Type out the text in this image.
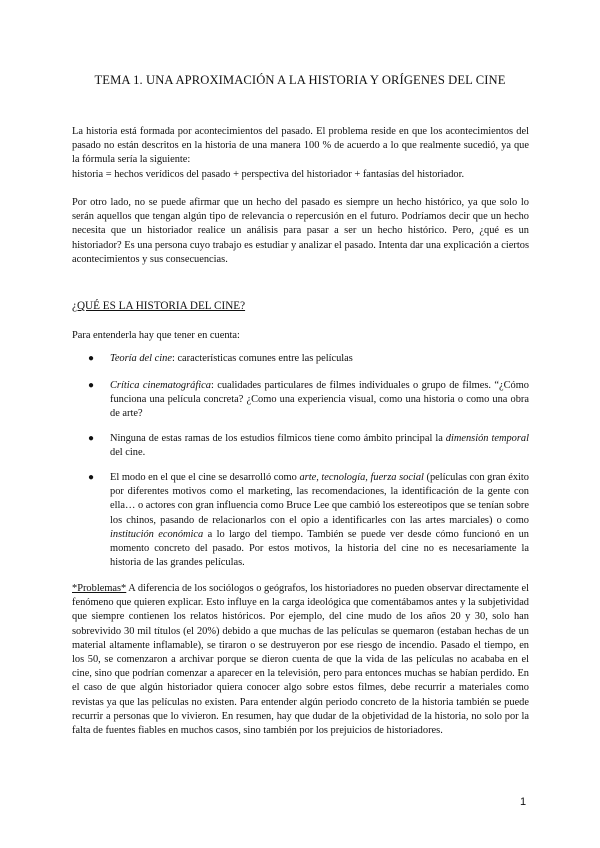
TEMA 1. UNA APROXIMACIÓN A LA HISTORIA Y ORÍGENES DEL CINE

La historia está formada por acontecimientos del pasado. El problema reside en que los acontecimientos del pasado no están descritos en la historia de una manera 100 % de acuerdo a lo que realmente sucedió, ya que la fórmula sería la siguiente:
historia = hechos verídicos del pasado + perspectiva del historiador + fantasías del historiador.

Por otro lado, no se puede afirmar que un hecho del pasado es siempre un hecho histórico, ya que solo lo serán aquellos que tengan algún tipo de relevancia o repercusión en el futuro. Podríamos decir que un hecho necesita que un historiador realice un análisis para pasar a ser un hecho histórico. Pero, ¿qué es un historiador? Es una persona cuyo trabajo es estudiar y analizar el pasado. Intenta dar una explicación a ciertos acontecimientos y sus consecuencias.

¿QUÉ ES LA HISTORIA DEL CINE?

Para entenderla hay que tener en cuenta:

●	Teoría del cine: características comunes entre las películas
●	Crítica cinematográfica: cualidades particulares de filmes individuales o grupo de filmes. “¿Cómo funciona una película concreta? ¿Como una experiencia visual, como una historia o como una obra de arte?
●	Ninguna de estas ramas de los estudios fílmicos tiene como ámbito principal la dimensión temporal del cine.
●	El modo en el que el cine se desarrolló como arte, tecnología, fuerza social (películas con gran éxito por diferentes motivos como el marketing, las recomendaciones, la identificación de la gente con ella… o actores con gran influencia como Bruce Lee que cambió los estereotipos que se tenían sobre los chinos, pasando de relacionarlos con el opio a identificarles con las artes marciales) o como institución económica a lo largo del tiempo. También se puede ver desde cómo funcionó en un momento concreto del pasado. Por estos motivos, la historia del cine no es necesariamente la historia de las grandes películas.

*Problemas* A diferencia de los sociólogos o geógrafos, los historiadores no pueden observar directamente el fenómeno que quieren explicar. Esto influye en la carga ideológica que comentábamos antes y la subjetividad que siempre contienen los relatos históricos. Por ejemplo, del cine mudo de los años 20 y 30, solo han sobrevivido 30 mil títulos (el 20%) debido a que muchas de las películas se quemaron (estaban hechas de un material altamente inflamable), se tiraron o se destruyeron por ese riesgo de incendio. Pasado el tiempo, en los 50, se comenzaron a archivar porque se dieron cuenta de que la vida de las películas no acababa en el cine, sino que podrían comenzar a aparecer en la televisión, pero para entonces muchas se habían perdido. En el caso de que algún historiador quiera conocer algo sobre estos filmes, debe recurrir a materiales como revistas ya que las películas no existen. Para entender algún periodo concreto de la historia también se puede recurrir a personas que lo vivieron. En resumen, hay que dudar de la objetividad de la historia, no solo por la falta de fuentes fiables en muchos casos, sino también por los prejuicios de historiadores.

1
